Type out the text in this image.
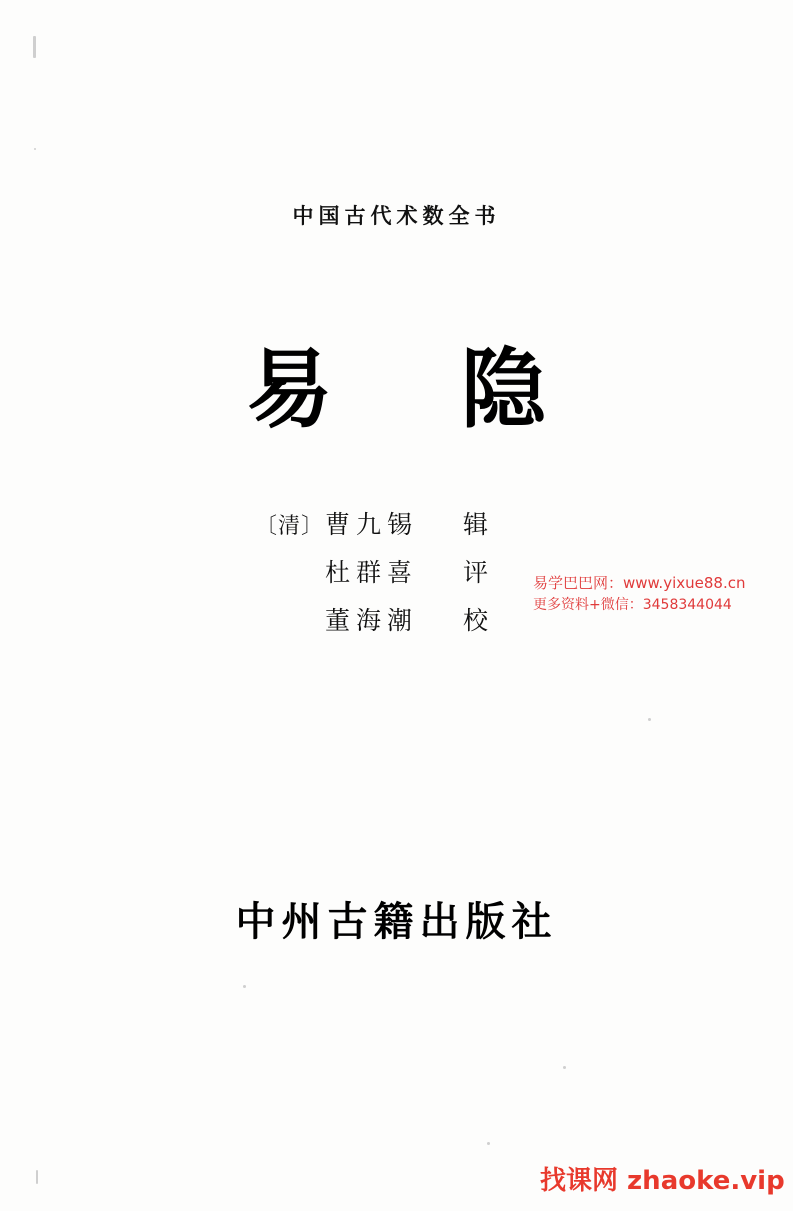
中国古代术数全书
易 隐
〔清〕 曹九锡	辑
杜群喜	评
董海潮	校
易学巴巴网：www.yixue88.cn
更多资料+微信：3458344044
中州古籍出版社
找课网 zhaoke.vip
